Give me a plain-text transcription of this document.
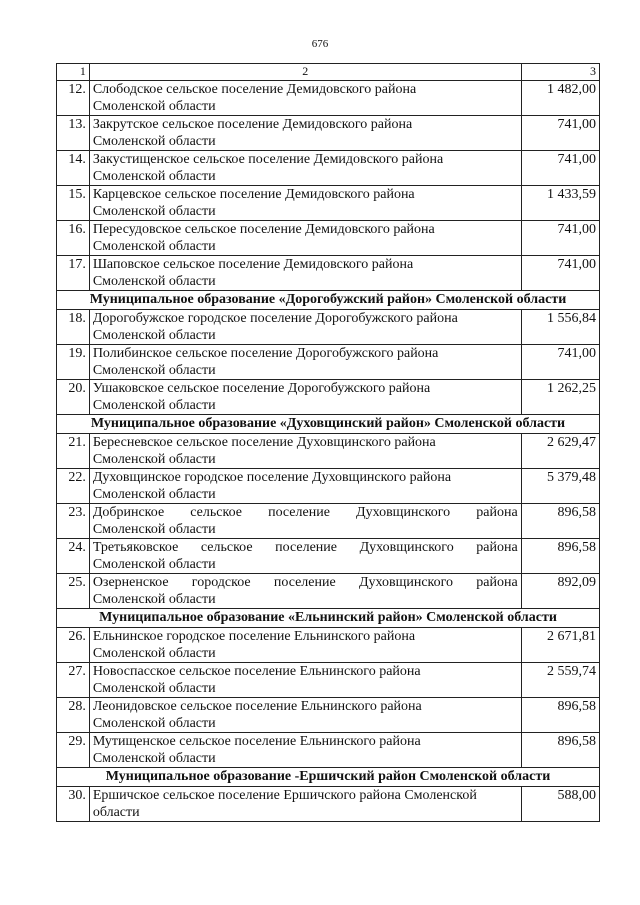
676
1	2	3
12.	Слободское сельское поселение Демидовского района
Смоленской области	1 482,00
13.	Закрутское сельское поселение Демидовского района
Смоленской области	741,00
14.	Закустищенское сельское поселение Демидовского района
Смоленской области	741,00
15.	Карцевское сельское поселение Демидовского района
Смоленской области	1 433,59
16.	Пересудовское сельское поселение Демидовского района
Смоленской области	741,00
17.	Шаповское сельское поселение Демидовского района
Смоленской области	741,00
Муниципальное образование «Дорогобужский район» Смоленской области		
18.	Дорогобужское городское поселение Дорогобужского района
Смоленской области	1 556,84
19.	Полибинское сельское поселение Дорогобужского района
Смоленской области	741,00
20.	Ушаковское сельское поселение Дорогобужского района
Смоленской области	1 262,25
Муниципальное образование «Духовщинский район» Смоленской области		
21.	Бересневское сельское поселение Духовщинского района
Смоленской области	2 629,47
22.	Духовщинское городское поселение Духовщинского района
Смоленской области	5 379,48
23.	Добринское сельское поселение Духовщинского района
Смоленской области	896,58
24.	Третьяковское сельское поселение Духовщинского района
Смоленской области	896,58
25.	Озерненское городское поселение Духовщинского района
Смоленской области	892,09
Муниципальное образование «Ельнинский район» Смоленской области		
26.	Ельнинское городское поселение Ельнинского района
Смоленской области	2 671,81
27.	Новоспасское сельское поселение Ельнинского района
Смоленской области	2 559,74
28.	Леонидовское сельское поселение Ельнинского района
Смоленской области	896,58
29.	Мутищенское сельское поселение Ельнинского района
Смоленской области	896,58
Муниципальное образование -Ершичский район Смоленской области		
30.	Ершичское сельское поселение Ершичского района Смоленской
области	588,00
